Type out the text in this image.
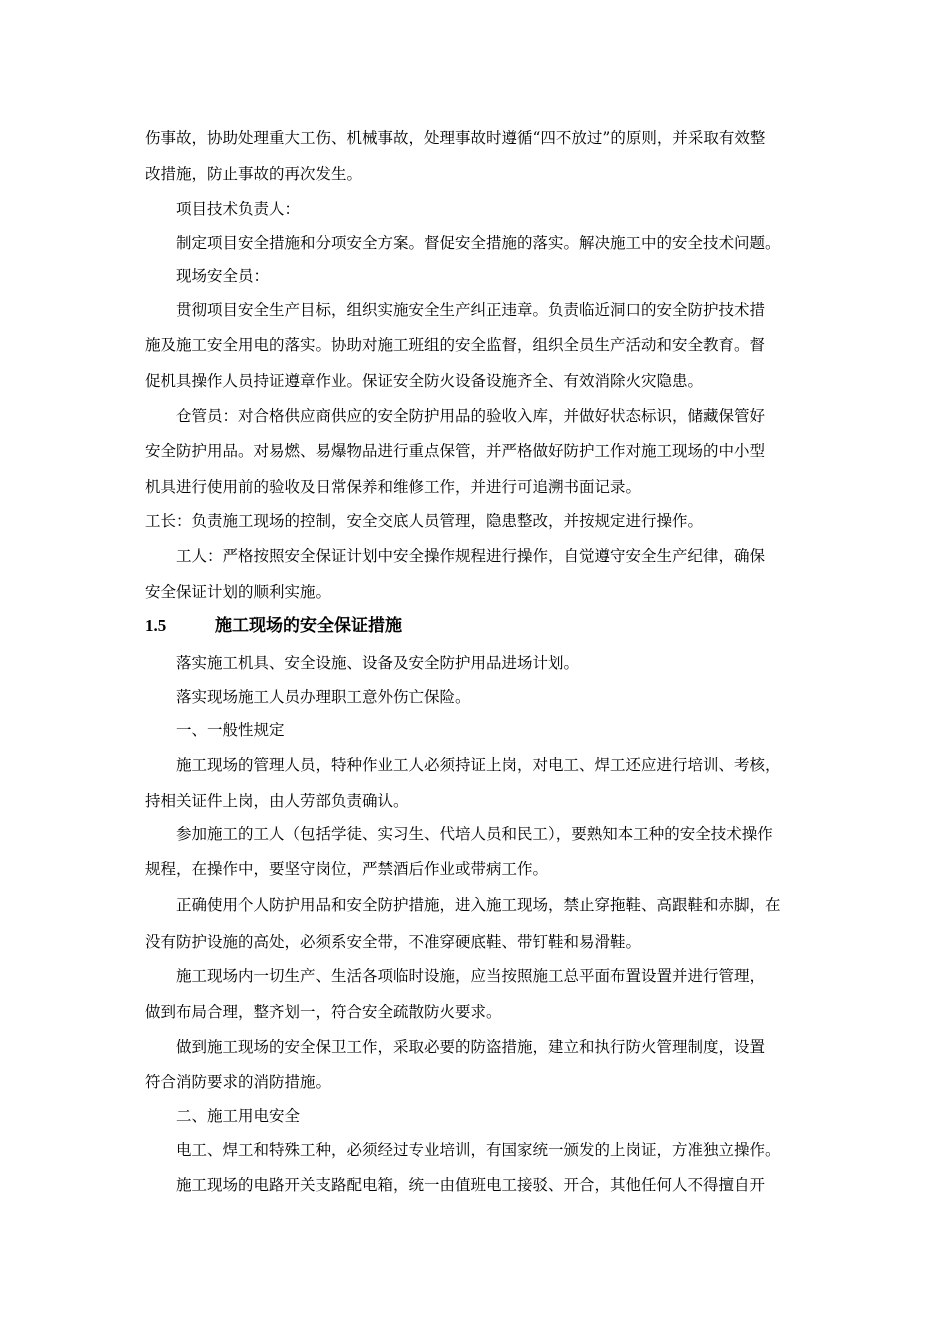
伤事故，协助处理重大工伤、机械事故，处理事故时遵循“四不放过”的原则，并采取有效整
改措施，防止事故的再次发生。
项目技术负责人：
制定项目安全措施和分项安全方案。督促安全措施的落实。解决施工中的安全技术问题。
现场安全员：
贯彻项目安全生产目标，组织实施安全生产纠正违章。负责临近洞口的安全防护技术措
施及施工安全用电的落实。协助对施工班组的安全监督，组织全员生产活动和安全教育。督
促机具操作人员持证遵章作业。保证安全防火设备设施齐全、有效消除火灾隐患。
仓管员：对合格供应商供应的安全防护用品的验收入库，并做好状态标识，储藏保管好
安全防护用品。对易燃、易爆物品进行重点保管，并严格做好防护工作对施工现场的中小型
机具进行使用前的验收及日常保养和维修工作，并进行可追溯书面记录。
工长：负责施工现场的控制，安全交底人员管理，隐患整改，并按规定进行操作。
工人：严格按照安全保证计划中安全操作规程进行操作，自觉遵守安全生产纪律，确保
安全保证计划的顺利实施。
1.5	施工现场的安全保证措施
落实施工机具、安全设施、设备及安全防护用品进场计划。
落实现场施工人员办理职工意外伤亡保险。
一、一般性规定
施工现场的管理人员，特种作业工人必须持证上岗，对电工、焊工还应进行培训、考核，
持相关证件上岗，由人劳部负责确认。
参加施工的工人（包括学徒、实习生、代培人员和民工），要熟知本工种的安全技术操作
规程，在操作中，要坚守岗位，严禁酒后作业或带病工作。
正确使用个人防护用品和安全防护措施，进入施工现场，禁止穿拖鞋、高跟鞋和赤脚，在
没有防护设施的高处，必须系安全带，不准穿硬底鞋、带钉鞋和易滑鞋。
施工现场内一切生产、生活各项临时设施，应当按照施工总平面布置设置并进行管理，
做到布局合理，整齐划一，符合安全疏散防火要求。
做到施工现场的安全保卫工作，采取必要的防盗措施，建立和执行防火管理制度，设置
符合消防要求的消防措施。
二、施工用电安全
电工、焊工和特殊工种，必须经过专业培训，有国家统一颁发的上岗证，方准独立操作。
施工现场的电路开关支路配电箱，统一由值班电工接驳、开合，其他任何人不得擅自开
